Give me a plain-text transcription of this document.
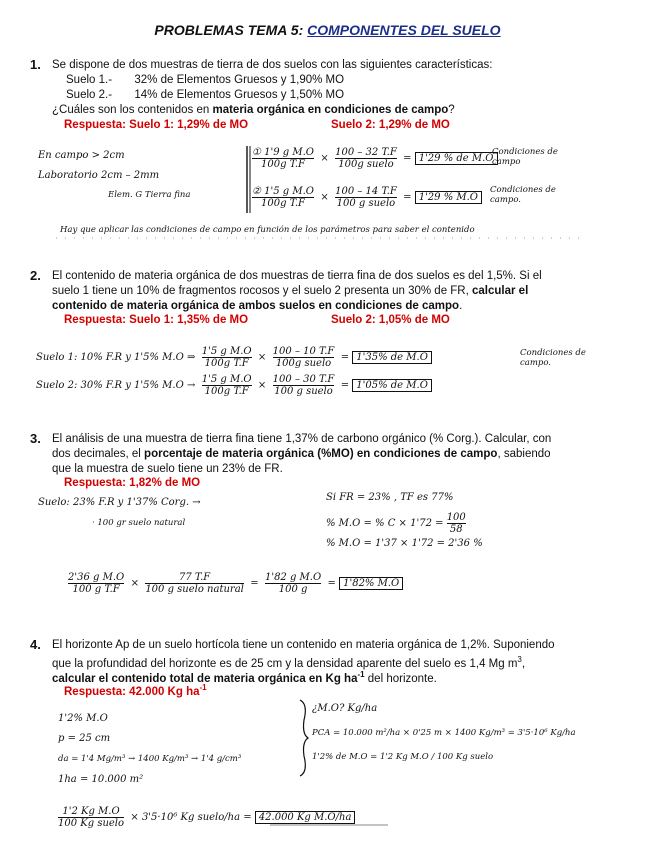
PROBLEMAS TEMA 5: COMPONENTES DEL SUELO
1. Se dispone de dos muestras de tierra de dos suelos con las siguientes características:
Suelo 1.-       32% de Elementos Gruesos y 1,90% MO
Suelo 2.-       14% de Elementos Gruesos y 1,50% MO
¿Cuáles son los contenidos en materia orgánica en condiciones de campo?
Respuesta: Suelo 1: 1,29% de MO	Suelo 2: 1,29% de MO
En campo > 2cm
Laboratorio 2cm – 2mm
Elem. G Tierra fina
$\frac{\text{① 1'9 g M.O}}{\text{100g T.F}} \times \frac{100 - 32 T.F}{\text{100g suelo}} = 1'29$ % de M.O
Condiciones de campo
$\frac{\text{② 1'5 g M.O}}{\text{100g T.F}} \times \frac{100 - 14 T.F}{\text{100 g suelo}} = 1'29$ % M.O
Condiciones de campo.
Hay que aplicar las condiciones de campo en función de los parámetros para saber el contenido
2. El contenido de materia orgánica de dos muestras de tierra fina de dos suelos es del 1,5%. Si el
suelo 1 tiene un 10% de fragmentos rocosos y el suelo 2 presenta un 30% de FR, calcular el
contenido de materia orgánica de ambos suelos en condiciones de campo.
Respuesta: Suelo 1: 1,35% de MO	Suelo 2: 1,05% de MO
Suelo 1: 10% F.R y 1'5% M.O ⇒ $\frac{\text{1'5 g M.O}}{\text{100g T.F}} \times \frac{100 - 10 T.F}{\text{100g suelo}} = 1'35\%$ de M.O
Suelo 2: 30% F.R y 1'5% $M.O \to \frac{\text{1'5 g M.O}}{\text{100g T.F}} \times \frac{100 - 30 T.F}{\text{100 g suelo}} = 1'05\%$ de M.O
Condiciones de campo.
3. El análisis de una muestra de tierra fina tiene 1,37% de carbono orgánico (% Corg.). Calcular, con
dos decimales, el porcentaje de materia orgánica (%MO) en condiciones de campo, sabiendo
que la muestra de suelo tiene un 23% de FR.
Respuesta: 1,82% de MO
Suelo: 23% F.R y 1'37% Corg. →
· 100 gr suelo natural
Si FR = 23% , TF es 77%
% M.O = % $C \times 1'72 = \frac{100}{58}$
% M.O = 1'37 × 1'72 = 2'36 %
$\frac{\text{2'36 g M.O}}{\text{100 g T.F}} \times \frac{77 T.F}{\text{100 g suelo natural}} = \frac{\text{1'82 g M.O}}{100 g} = 1'82\%$ M.O
4. El horizonte Ap de un suelo hortícola tiene un contenido en materia orgánica de 1,2%. Suponiendo
que la profundidad del horizonte es de 25 cm y la densidad aparente del suelo es 1,4 Mg $m^3$,
calcular el contenido total de materia orgánica en Kg $ha^{-1}$ del horizonte.
Respuesta: 42.000 Kg $ha^{-1}$
1'2% M.O
p = 25 cm
da = 1'4 Mg/m³ → 1400 Kg/m³ → 1'4 g/cm³
1ha = 10.000 m²
¿M.O? Kg/ha
PCA = 10.000 m²/ha × 0'25 m × 1400 Kg/m³ = 3'5·10⁶ Kg/ha
1'2% de M.O = 1'2 Kg M.O / 100 Kg suelo
$\frac{\text{1'2 Kg M.O}}{\text{100 Kg suelo}} \times 3'5\cdot 10^6$ Kg suelo/ha = 42.000 Kg M.O/ha
